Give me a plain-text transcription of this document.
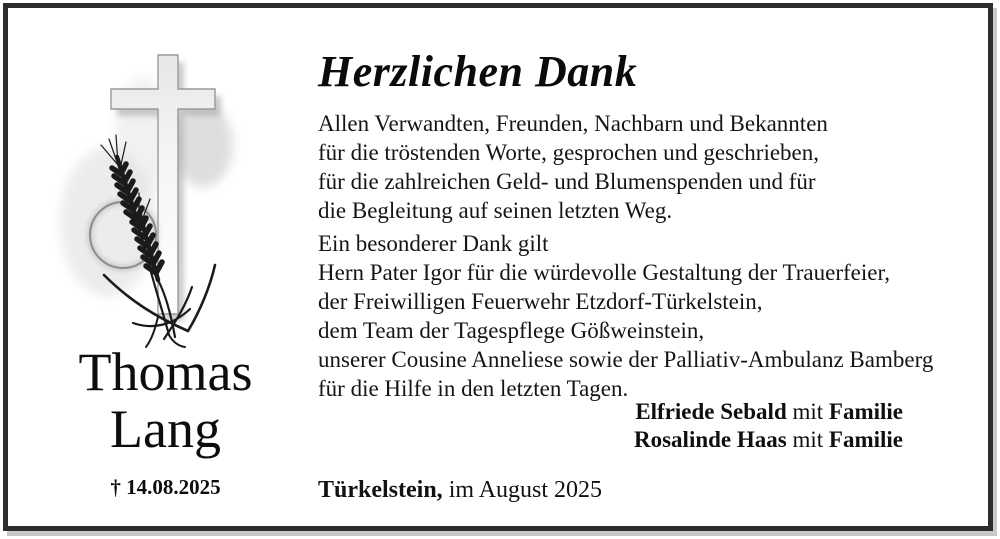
Thomas
Lang
† 14.08.2025
Herzlichen Dank
Allen Verwandten, Freunden, Nachbarn und Bekannten
für die tröstenden Worte, gesprochen und geschrieben,
für die zahlreichen Geld- und Blumenspenden und für
die Begleitung auf seinen letzten Weg.
Ein besonderer Dank gilt
Hern Pater Igor für die würdevolle Gestaltung der Trauerfeier,
der Freiwilligen Feuerwehr Etzdorf-Türkelstein,
dem Team der Tagespflege Gößweinstein,
unserer Cousine Anneliese sowie der Palliativ-Ambulanz Bamberg
für die Hilfe in den letzten Tagen.
Elfriede Sebald mit Familie
Rosalinde Haas mit Familie
Türkelstein, im August 2025
